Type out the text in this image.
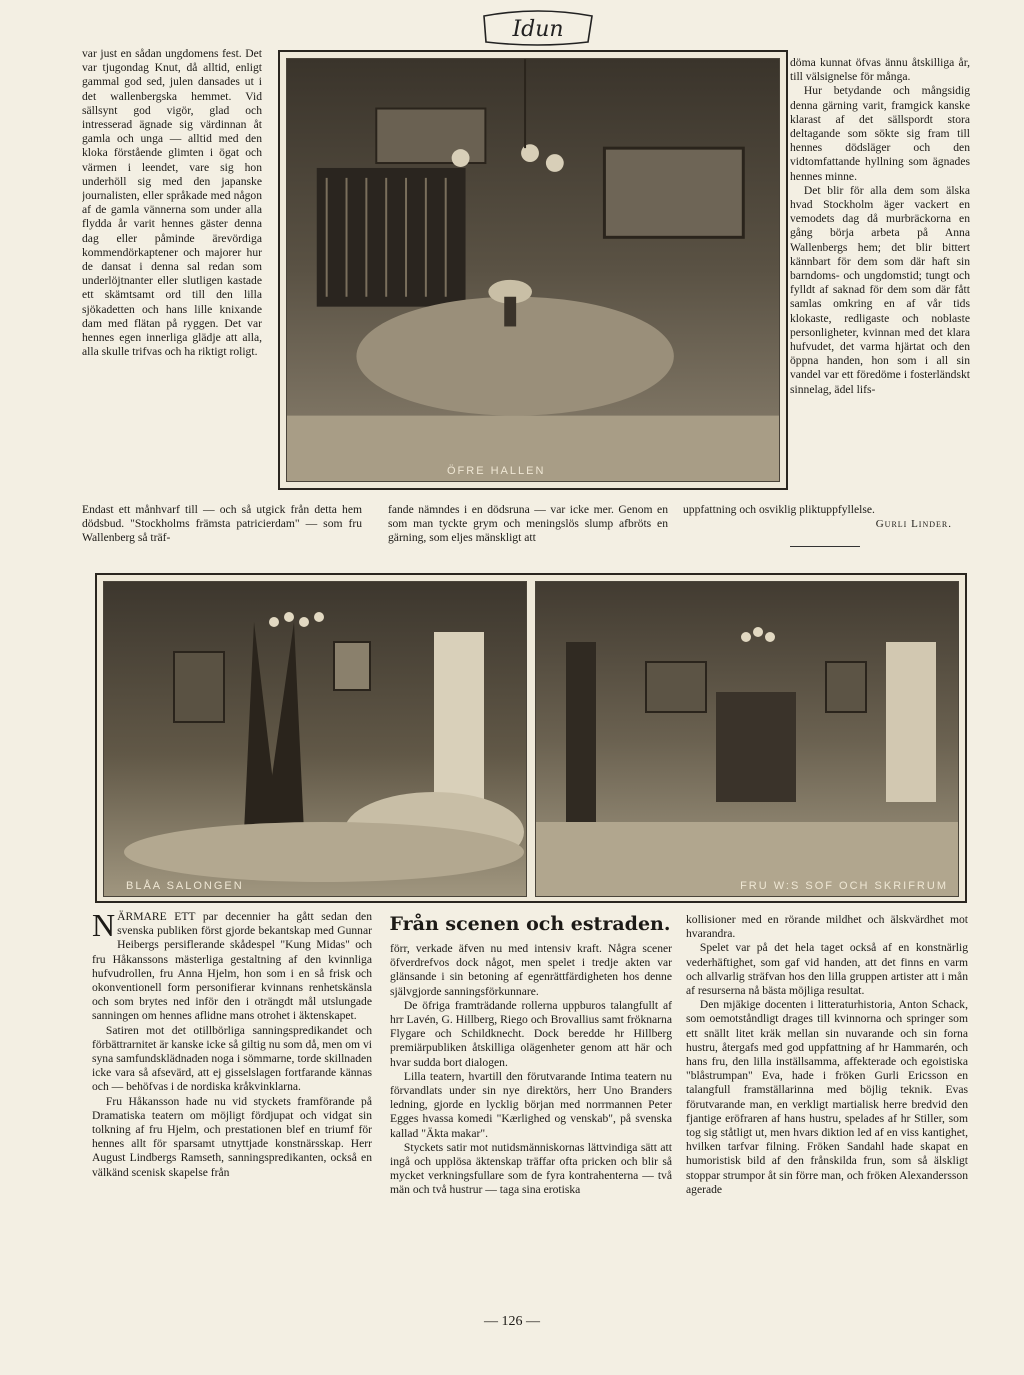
Idun

var just en sådan ungdomens fest. Det var tjugondag Knut, då alltid, enligt gammal god sed, julen dansades ut i det wallenbergska hemmet. Vid sällsynt god vigör, glad och intresserad ägnade sig värdinnan åt gamla och unga — alltid med den kloka förstående glimten i ögat och värmen i leendet, vare sig hon underhöll sig med den japanske journalisten, eller språkade med någon af de gamla vännerna som under alla flydda år varit hennes gäster denna dag eller påminde ärevördiga kommendörkaptener och majorer hur de dansat i denna sal redan som underlöjtnanter eller slutligen kastade ett skämtsamt ord till den lilla sjökadetten och hans lille knixande dam med flätan på ryggen. Det var hennes egen innerliga glädje att alla, alla skulle trifvas och ha riktigt roligt.

ÖFRE HALLEN

döma kunnat öfvas ännu åtskilliga år, till välsignelse för många.

Hur betydande och mångsidig denna gärning varit, framgick kanske klarast af det sällspordt stora deltagande som sökte sig fram till hennes dödsläger och den vidtomfattande hyllning som ägnades hennes minne.

Det blir för alla dem som älska hvad Stockholm äger vackert en vemodets dag då murbräckorna en gång börja arbeta på Anna Wallenbergs hem; det blir bittert kännbart för dem som där haft sin barndoms- och ungdomstid; tungt och fylldt af saknad för dem som där fått samlas omkring en af vår tids klokaste, redligaste och noblaste personligheter, kvinnan med det klara hufvudet, det varma hjärtat och den öppna handen, hon som i all sin vandel var ett föredöme i fosterländskt sinnelag, ädel lifs-

Endast ett månhvarf till — och så utgick från detta hem dödsbud. "Stockholms främsta patricierdam" — som fru Wallenberg så träf-

fande nämndes i en dödsruna — var icke mer. Genom en som man tyckte grym och meningslös slump afbröts en gärning, som eljes mänskligt att

uppfattning och osviklig pliktuppfyllelse.

Gurli Linder.
BLÅA SALONGEN	FRU W:S SOF OCH SKRIFRUM

NÄRMARE ETT par decennier ha gått sedan den svenska publiken först gjorde bekantskap med Gunnar Heibergs persiflerande skådespel "Kung Midas" och fru Håkanssons mästerliga gestaltning af den kvinnliga hufvudrollen, fru Anna Hjelm, hon som i en så frisk och okonventionell form personifierar kvinnans renhetskänsla och som brytes ned inför den i oträngdt mål utslungade sanningen om hennes aflidne mans otrohet i äktenskapet.

Satiren mot det otillbörliga sanningspredikandet och förbättrarnitet är kanske icke så giltig nu som då, men om vi syna samfundsklädnaden noga i sömmarne, torde skillnaden icke vara så afsevärd, att ej gisselslagen fortfarande kännas och — behöfvas i de nordiska kråkvinklarna.

Fru Håkansson hade nu vid styckets framförande på Dramatiska teatern om möjligt fördjupat och vidgat sin tolkning af fru Hjelm, och prestationen blef en triumf för hennes allt för sparsamt utnyttjade konstnärsskap. Herr August Lindbergs Ramseth, sanningspredikanten, också en välkänd scenisk skapelse från

Från scenen och estraden.

förr, verkade äfven nu med intensiv kraft. Några scener öfverdrefvos dock något, men spelet i tredje akten var glänsande i sin betoning af egenrättfärdigheten hos denne självgjorde sanningsförkunnare.

De öfriga framträdande rollerna uppburos talangfullt af hrr Lavén, G. Hillberg, Riego och Brovallius samt fröknarna Flygare och Schildknecht. Dock beredde hr Hillberg premiärpubliken åtskilliga olägenheter genom att här och hvar sudda bort dialogen.

Lilla teatern, hvartill den förutvarande Intima teatern nu förvandlats under sin nye direktörs, herr Uno Branders ledning, gjorde en lycklig början med norrmannen Peter Egges hvassa komedi "Kærlighed og venskab", på svenska kallad "Äkta makar".

Styckets satir mot nutidsmänniskornas lättvindiga sätt att ingå och upplösa äktenskap träffar ofta pricken och blir så mycket verkningsfullare som de fyra kontrahenterna — två män och två hustrur — taga sina erotiska

kollisioner med en rörande mildhet och älskvärdhet mot hvarandra.

Spelet var på det hela taget också af en konstnärlig vederhäftighet, som gaf vid handen, att det finns en varm och allvarlig sträfvan hos den lilla gruppen artister att i mån af resurserna nå bästa möjliga resultat.

Den mjäkige docenten i litteraturhistoria, Anton Schack, som oemotståndligt drages till kvinnorna och springer som ett snällt litet kräk mellan sin nuvarande och sin forna hustru, återgafs med god uppfattning af hr Hammarén, och hans fru, den lilla inställsamma, affekterade och egoistiska "blåstrumpan" Eva, hade i fröken Gurli Ericsson en talangfull framställarinna med böjlig teknik. Evas förutvarande man, en verkligt martialisk herre bredvid den fjantige eröfraren af hans hustru, spelades af hr Stiller, som tog sig ståtligt ut, men hvars diktion led af en viss kantighet, hvilken tarfvar filning. Fröken Sandahl hade skapat en humoristisk bild af den frånskilda frun, som så älskligt stoppar strumpor åt sin förre man, och fröken Alexandersson agerade

— 126 —
